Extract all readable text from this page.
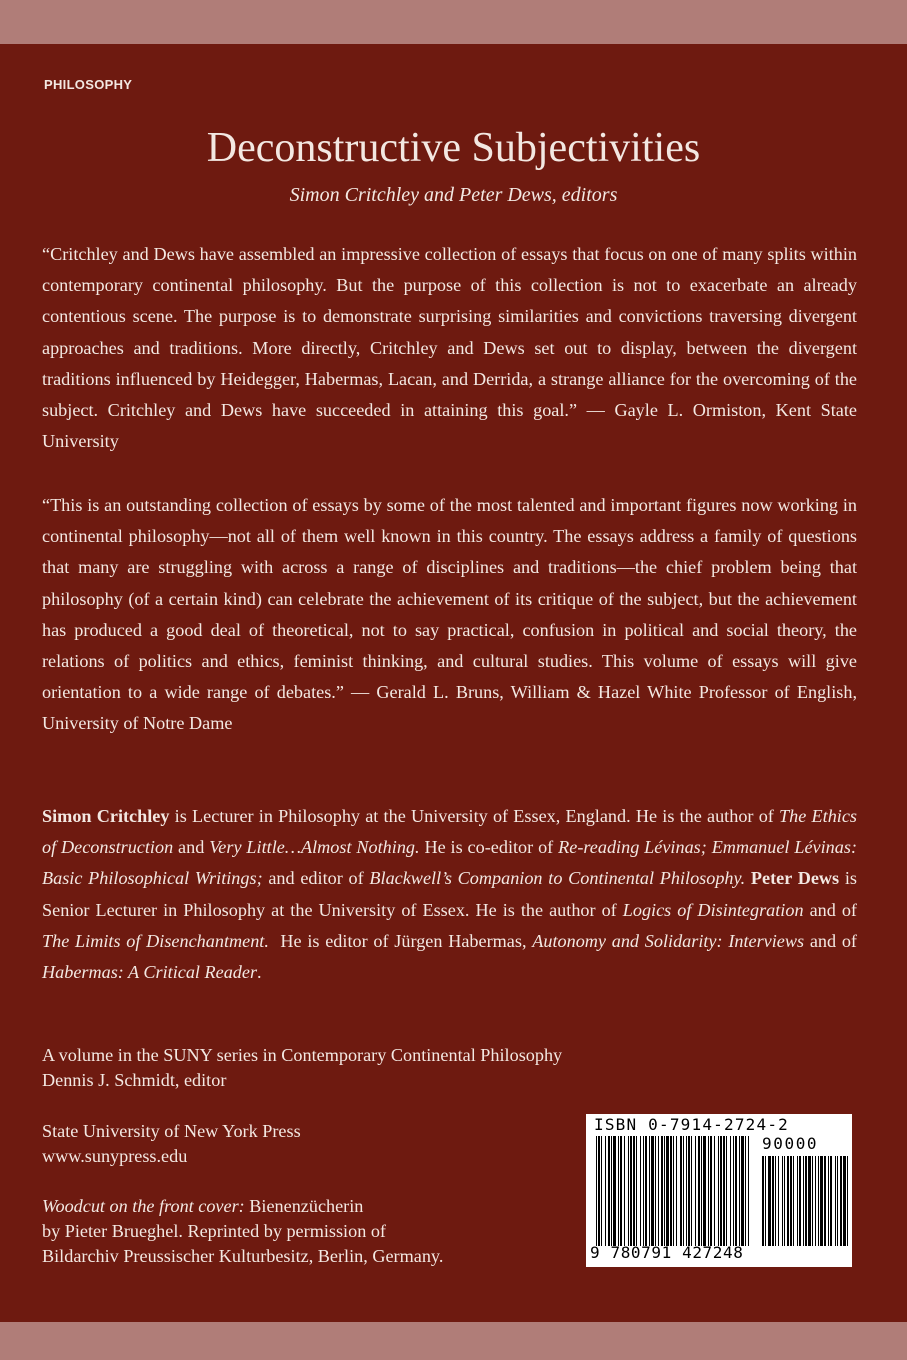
PHILOSOPHY
Deconstructive Subjectivities
Simon Critchley and Peter Dews, editors

“Critchley and Dews have assembled an impressive collection of essays that focus on one of many splits within contemporary continental philosophy. But the purpose of this collection is not to exacerbate an already contentious scene. The purpose is to demonstrate surprising similarities and convictions traversing divergent approaches and traditions. More directly, Critchley and Dews set out to display, between the divergent traditions influenced by Heidegger, Habermas, Lacan, and Derrida, a strange alliance for the overcoming of the subject. Critchley and Dews have succeeded in attaining this goal.” — Gayle L. Ormiston, Kent State University

“This is an outstanding collection of essays by some of the most talented and important figures now working in continental philosophy—not all of them well known in this country. The essays address a family of questions that many are struggling with across a range of disciplines and traditions—the chief problem being that philosophy (of a certain kind) can celebrate the achievement of its critique of the subject, but the achievement has produced a good deal of theoretical, not to say practical, confusion in political and social theory, the relations of politics and ethics, feminist thinking, and cultural studies. This volume of essays will give orientation to a wide range of debates.” — Gerald L. Bruns, William & Hazel White Professor of English, University of Notre Dame

Simon Critchley is Lecturer in Philosophy at the University of Essex, England. He is the author of The Ethics of Deconstruction and Very Little…Almost Nothing. He is co-editor of Re-reading Lévinas; Emmanuel Lévinas: Basic Philosophical Writings; and editor of Blackwell’s Companion to Continental Philosophy. Peter Dews is Senior Lecturer in Philosophy at the University of Essex. He is the author of Logics of Disintegration and of The Limits of Disenchantment.  He is editor of Jürgen Habermas, Autonomy and Solidarity: Interviews and of Habermas: A Critical Reader.

A volume in the SUNY series in Contemporary Continental Philosophy
Dennis J. Schmidt, editor
State University of New York Press
www.sunypress.edu
Woodcut on the front cover: Bienenzücherin
by Pieter Brueghel. Reprinted by permission of
Bildarchiv Preussischer Kulturbesitz, Berlin, Germany.
ISBN 0-7914-2724-2
90000
9 780791 427248
